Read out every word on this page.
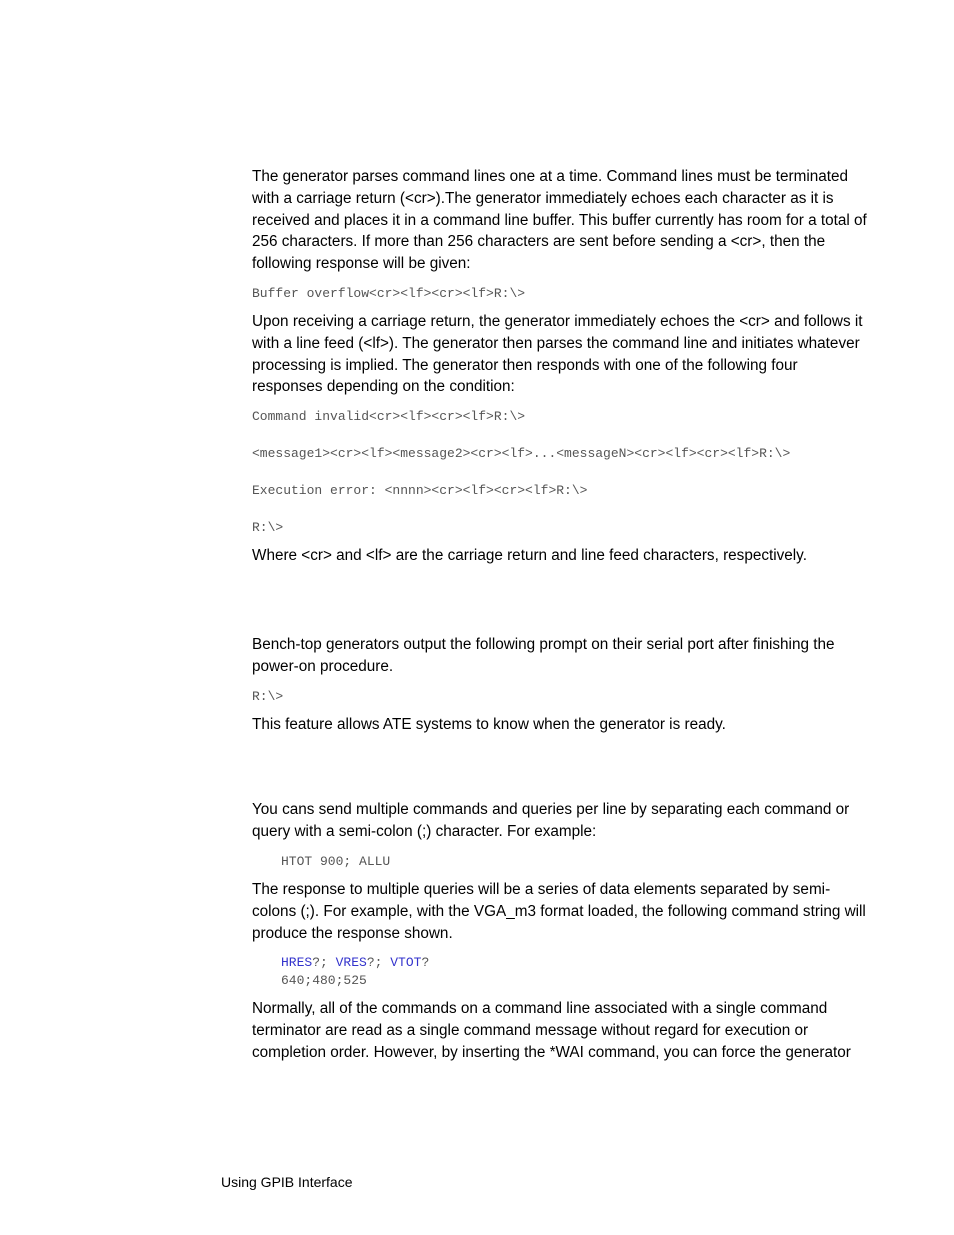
The generator parses command lines one at a time. Command lines must be terminated with a carriage return (<cr>).The generator immediately echoes each character as it is received and places it in a command line buffer. This buffer currently has room for a total of 256 characters. If more than 256 characters are sent before sending a <cr>, then the following response will be given:

Buffer overflow<cr><lf><cr><lf>R:\>

Upon receiving a carriage return, the generator immediately echoes the <cr> and follows it with a line feed (<lf>). The generator then parses the command line and initiates whatever processing is implied. The generator then responds with one of the following four responses depending on the condition:

Command invalid<cr><lf><cr><lf>R:\>

<message1><cr><lf><message2><cr><lf>...<messageN><cr><lf><cr><lf>R:\>

Execution error: <nnnn><cr><lf><cr><lf>R:\>

R:\>

Where <cr> and <lf> are the carriage return and line feed characters, respectively.

Bench-top generators output the following prompt on their serial port after finishing the power-on procedure.

R:\>

This feature allows ATE systems to know when the generator is ready.

You cans send multiple commands and queries per line by separating each command or query with a semi-colon (;) character. For example:

HTOT 900; ALLU

The response to multiple queries will be a series of data elements separated by semi-colons (;). For example, with the VGA_m3 format loaded, the following command string will produce the response shown.

HRES?; VRES?; VTOT?

640;480;525

Normally, all of the commands on a command line associated with a single command terminator are read as a single command message without regard for execution or completion order. However, by inserting the *WAI command, you can force the generator

Using GPIB Interface
